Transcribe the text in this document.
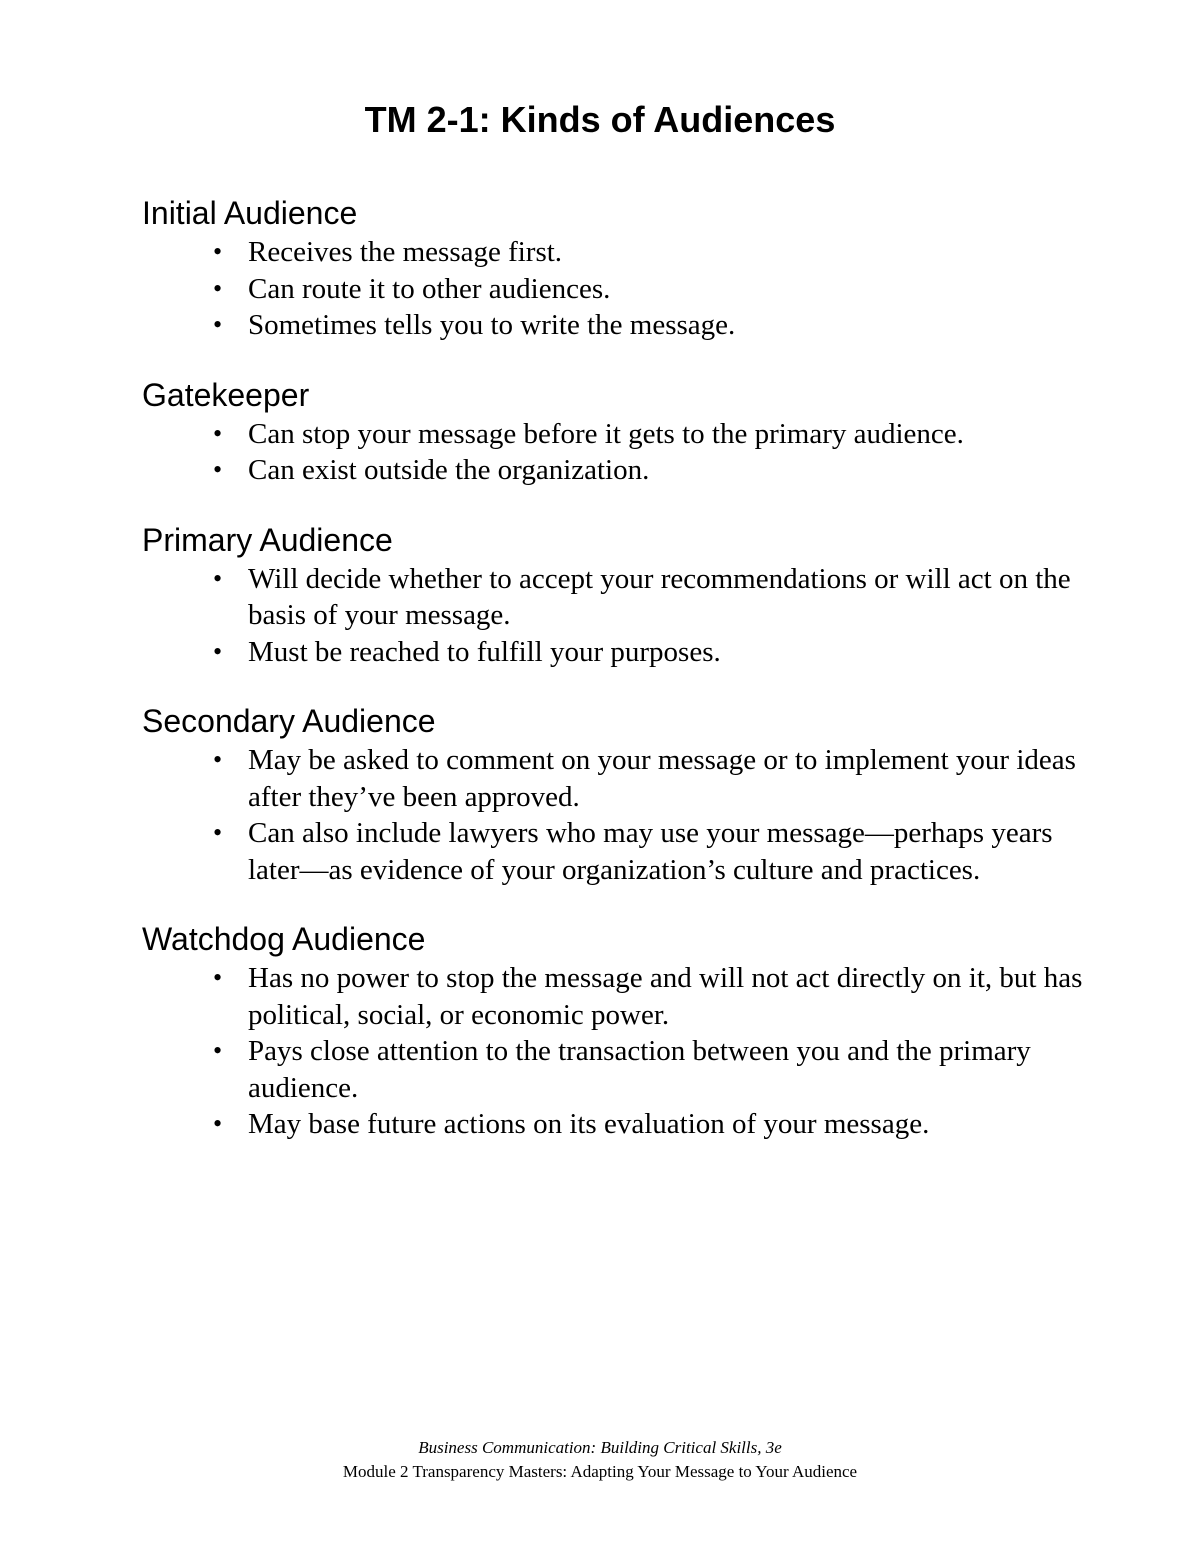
TM 2-1: Kinds of Audiences
Initial Audience
• Receives the message first.
• Can route it to other audiences.
• Sometimes tells you to write the message.
Gatekeeper
• Can stop your message before it gets to the primary audience.
• Can exist outside the organization.
Primary Audience
• Will decide whether to accept your recommendations or will act on the basis of your message.
• Must be reached to fulfill your purposes.
Secondary Audience
• May be asked to comment on your message or to implement your ideas after they’ve been approved.
• Can also include lawyers who may use your message—perhaps years later—as evidence of your organization’s culture and practices.
Watchdog Audience
• Has no power to stop the message and will not act directly on it, but has political, social, or economic power.
• Pays close attention to the transaction between you and the primary audience.
• May base future actions on its evaluation of your message.
Business Communication: Building Critical Skills, 3e
Module 2 Transparency Masters: Adapting Your Message to Your Audience
